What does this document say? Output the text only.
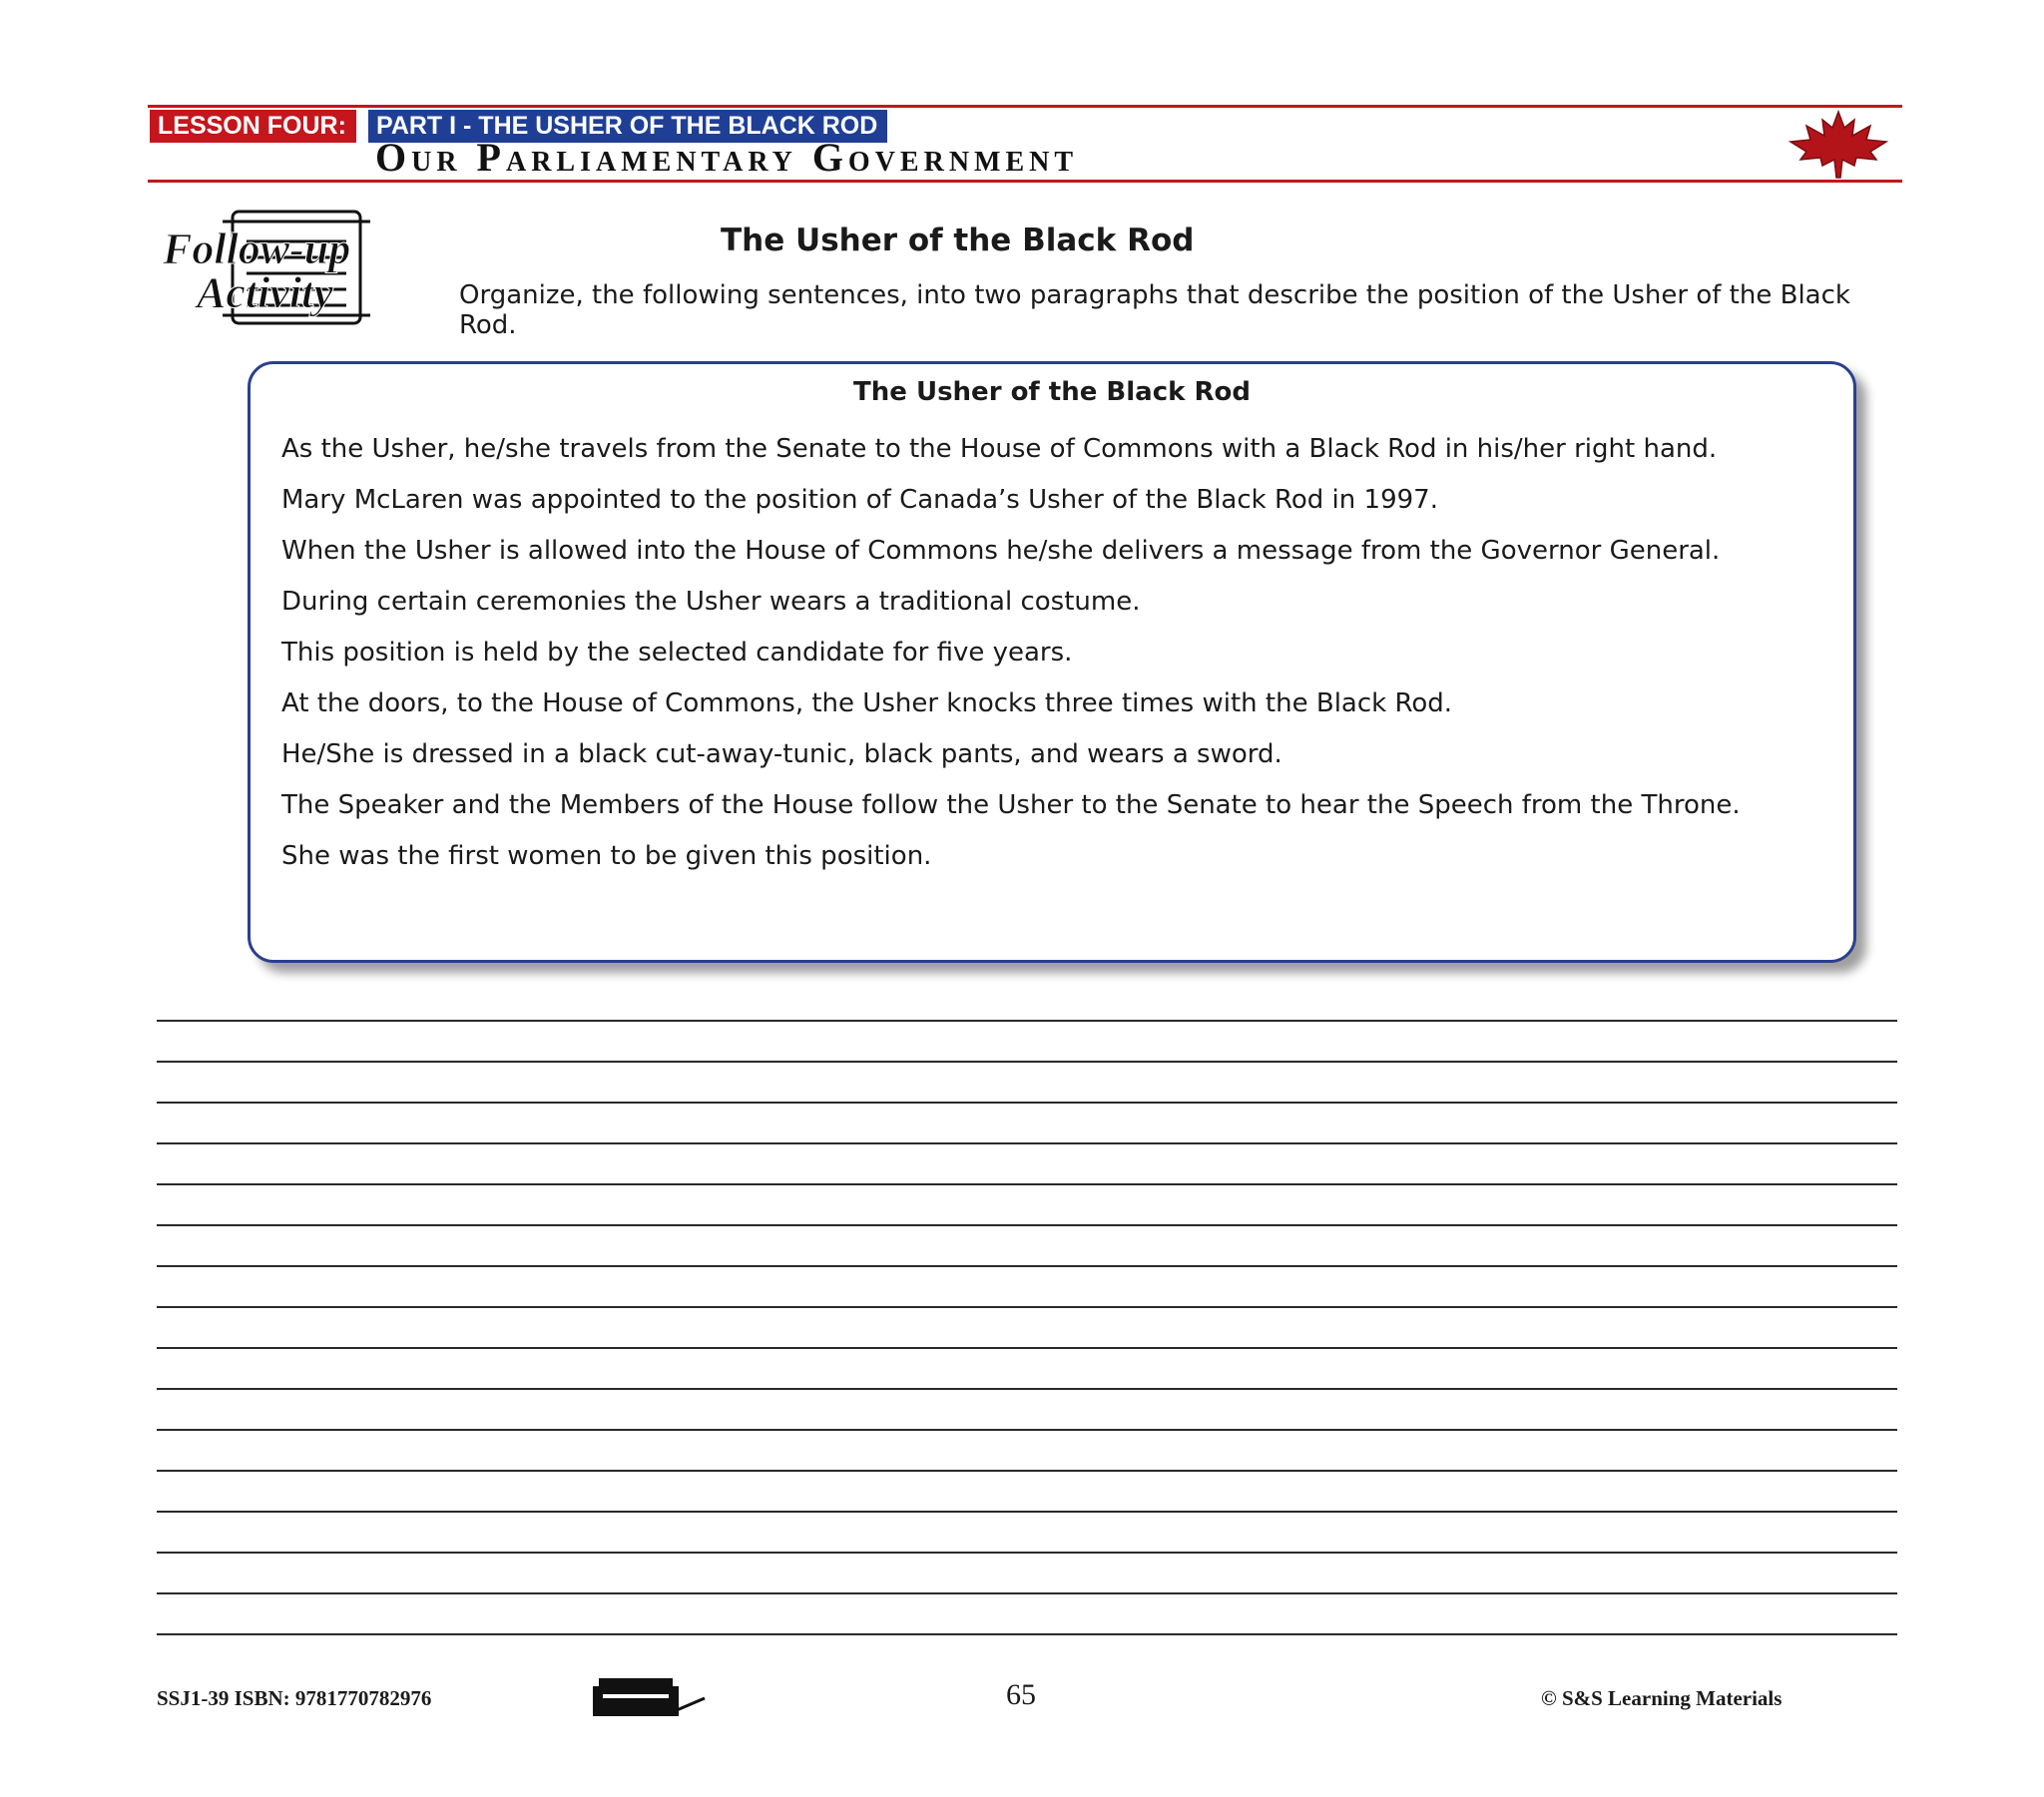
LESSON FOUR:	PART I - THE USHER OF THE BLACK ROD
Our Parliamentary Government
Follow-up
Activity
The Usher of the Black Rod
Organize, the following sentences, into two paragraphs that describe the position of the Usher of the Black Rod.
The Usher of the Black Rod
As the Usher, he/she travels from the Senate to the House of Commons with a Black Rod in his/her right hand.
Mary McLaren was appointed to the position of Canada’s Usher of the Black Rod in 1997.
When the Usher is allowed into the House of Commons he/she delivers a message from the Governor General.
During certain ceremonies the Usher wears a traditional costume.
This position is held by the selected candidate for five years.
At the doors, to the House of Commons, the Usher knocks three times with the Black Rod.
He/She is dressed in a black cut-away-tunic, black pants, and wears a sword.
The Speaker and the Members of the House follow the Usher to the Senate to hear the Speech from the Throne.
She was the first women to be given this position.
SSJ1-39 ISBN: 9781770782976	65	© S&S Learning Materials
